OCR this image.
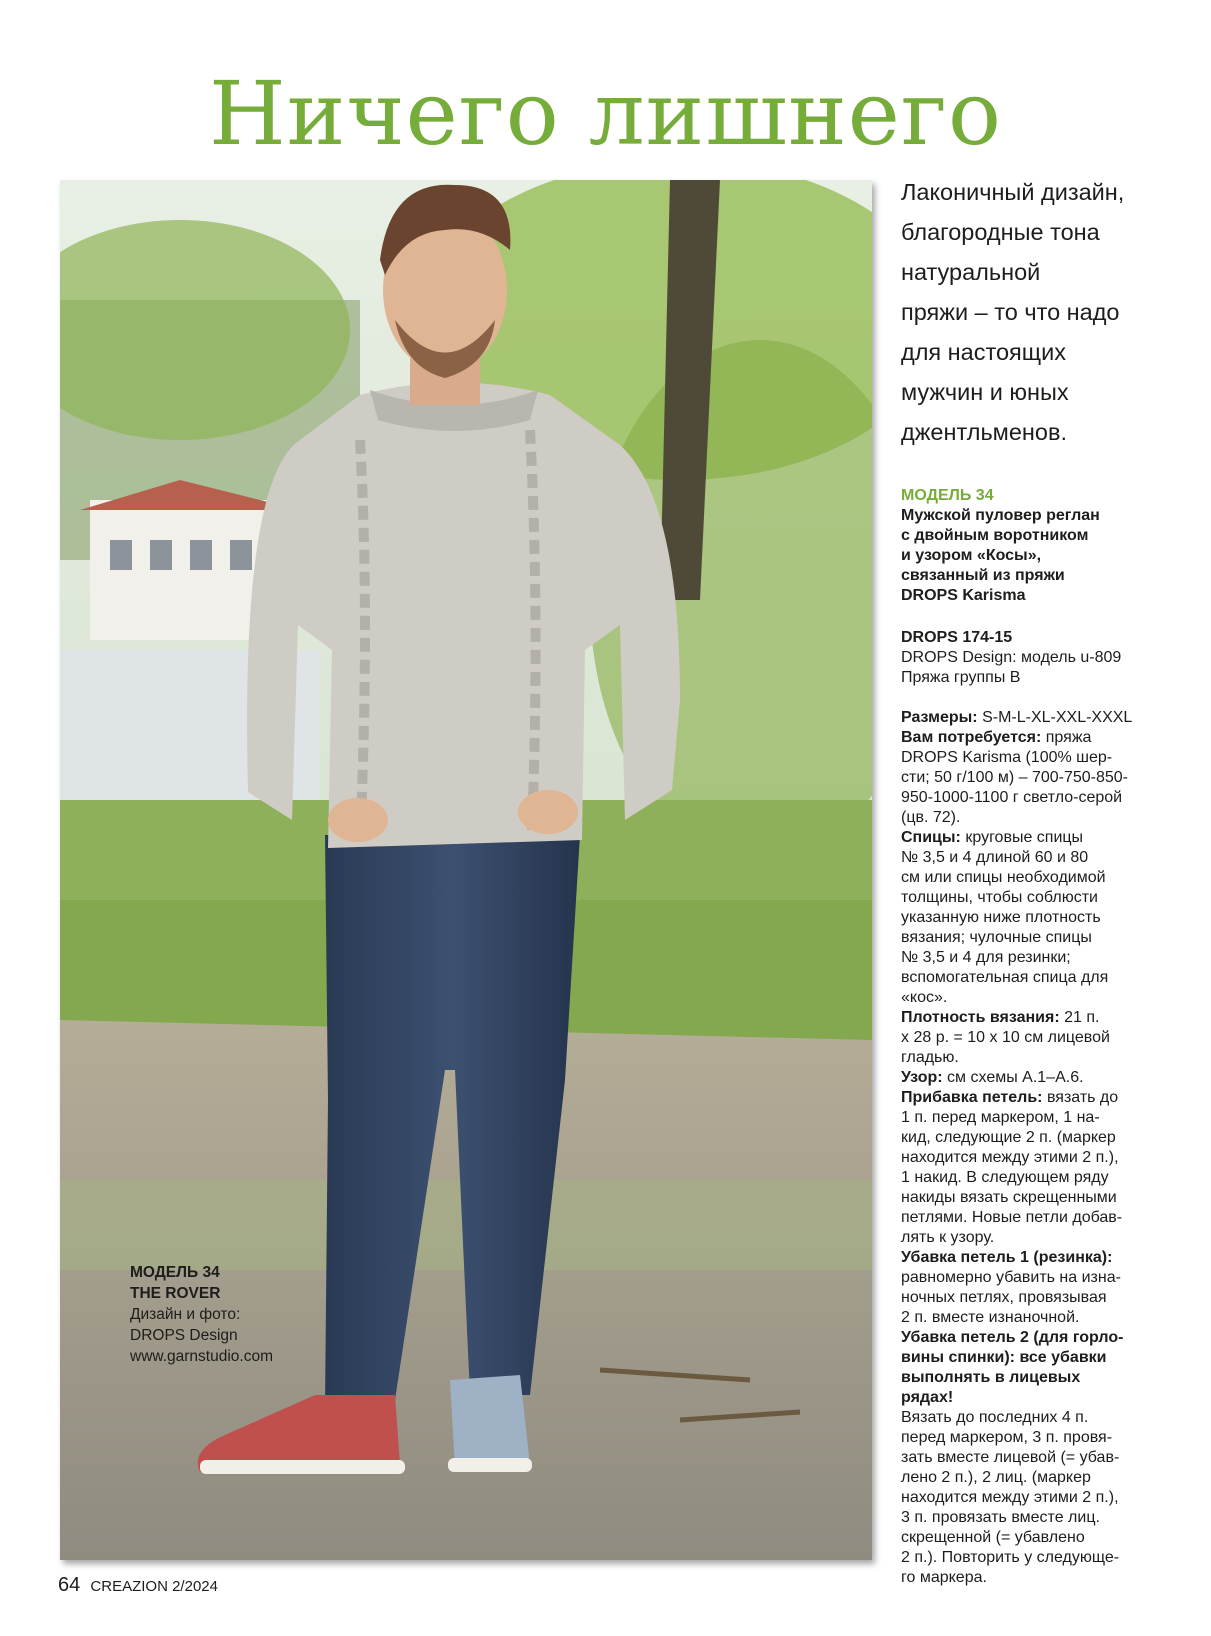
Ничего лишнего
МОДЕЛЬ 34
THE ROVER
Дизайн и фото:
DROPS Design
www.garnstudio.com
Лаконичный дизайн,
благородные тона
натуральной
пряжи – то что надо
для настоящих
мужчин и юных
джентльменов.
МОДЕЛЬ 34
Мужской пуловер реглан
с двойным воротником
и узором «Косы»,
связанный из пряжи
DROPS Karisma
DROPS 174-15
DROPS Design: модель u-809
Пряжа группы В
Размеры: S-M-L-XL-XXL-XXXL
Вам потребуется: пряжа
DROPS Karisma (100% шер-
сти; 50 г/100 м) – 700-750-850-
950-1000-1100 г светло-серой
(цв. 72).
Спицы: круговые спицы
№ 3,5 и 4 длиной 60 и 80
см или спицы необходимой
толщины, чтобы соблюсти
указанную ниже плотность
вязания; чулочные спицы
№ 3,5 и 4 для резинки;
вспомогательная спица для
«кос».
Плотность вязания: 21 п.
х 28 р. = 10 х 10 см лицевой
гладью.
Узор: см схемы А.1–А.6.
Прибавка петель: вязать до
1 п. перед маркером, 1 на-
кид, следующие 2 п. (маркер
находится между этими 2 п.),
1 накид. В следующем ряду
накиды вязать скрещенными
петлями. Новые петли добав-
лять к узору.
Убавка петель 1 (резинка):
равномерно убавить на изна-
ночных петлях, провязывая
2 п. вместе изнаночной.
Убавка петель 2 (для горло-
вины спинки): все убавки
выполнять в лицевых
рядах!
Вязать до последних 4 п.
перед маркером, 3 п. провя-
зать вместе лицевой (= убав-
лено 2 п.), 2 лиц. (маркер
находится между этими 2 п.),
3 п. провязать вместе лиц.
скрещенной (= убавлено
2 п.). Повторить у следующе-
го маркера.
64 CREAZION 2/2024
